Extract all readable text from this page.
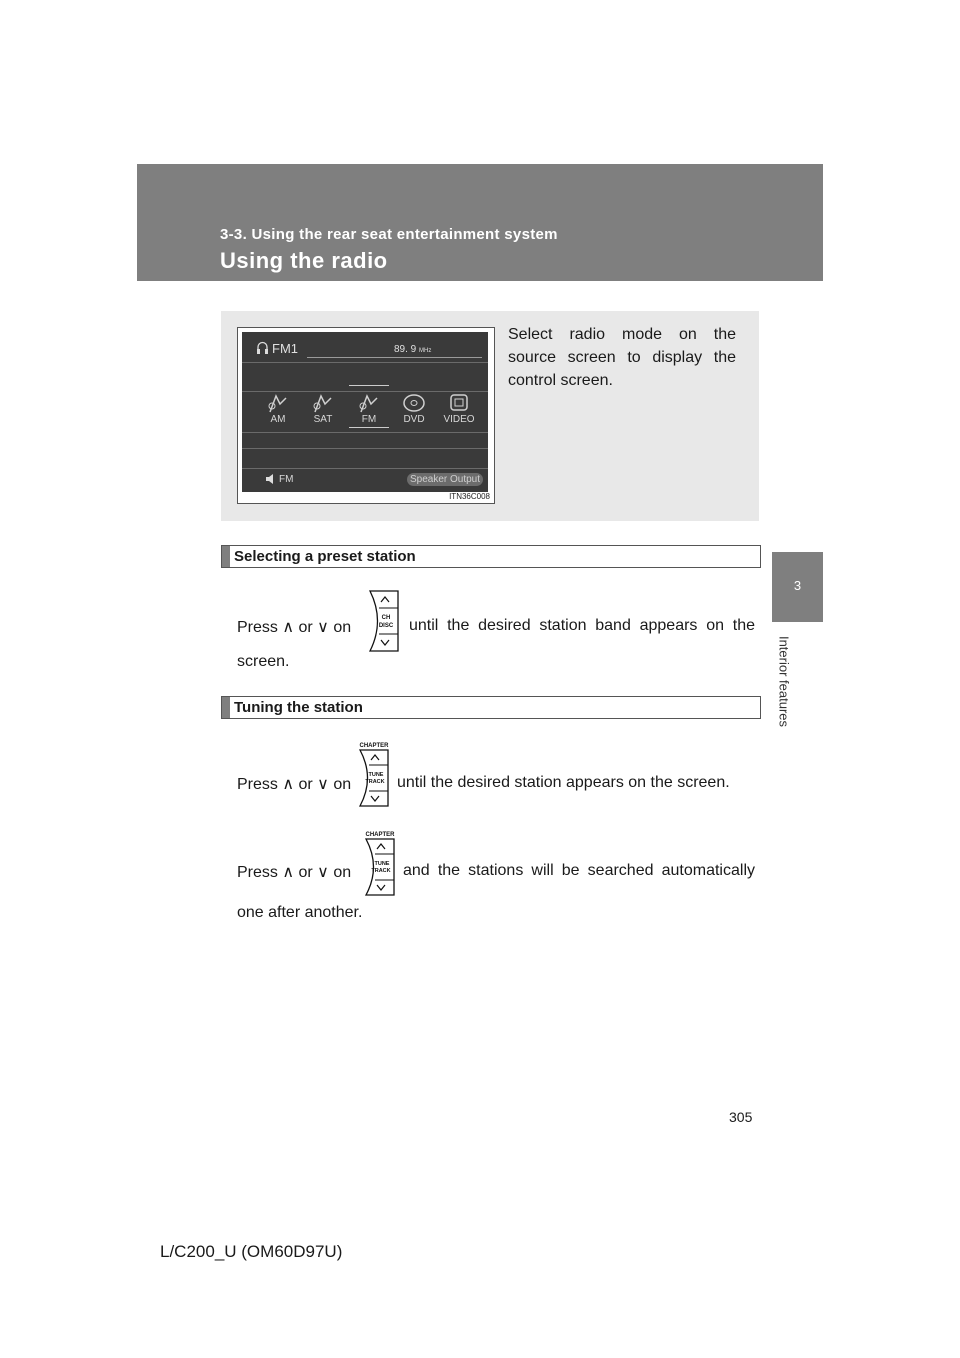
3-3. Using the rear seat entertainment system
Using the radio
3
Interior features
FM1	89. 9 MHz
AM	SAT	FM	DVD	VIDEO
FM	Speaker Output
ITN36C008
Select radio mode on the source screen to display the control screen.
Selecting a preset station
Press ∧ or ∨ on
CH
DISC until the desired station band appears on the
screen.
Tuning the station
Press ∧ or ∨ on
CHAPTER
TUNE
TRACK until the desired station appears on the screen.
Press ∧ or ∨ on
CHAPTER
TUNE
TRACK and the stations will be searched automatically
one after another.
305
L/C200_U (OM60D97U)
